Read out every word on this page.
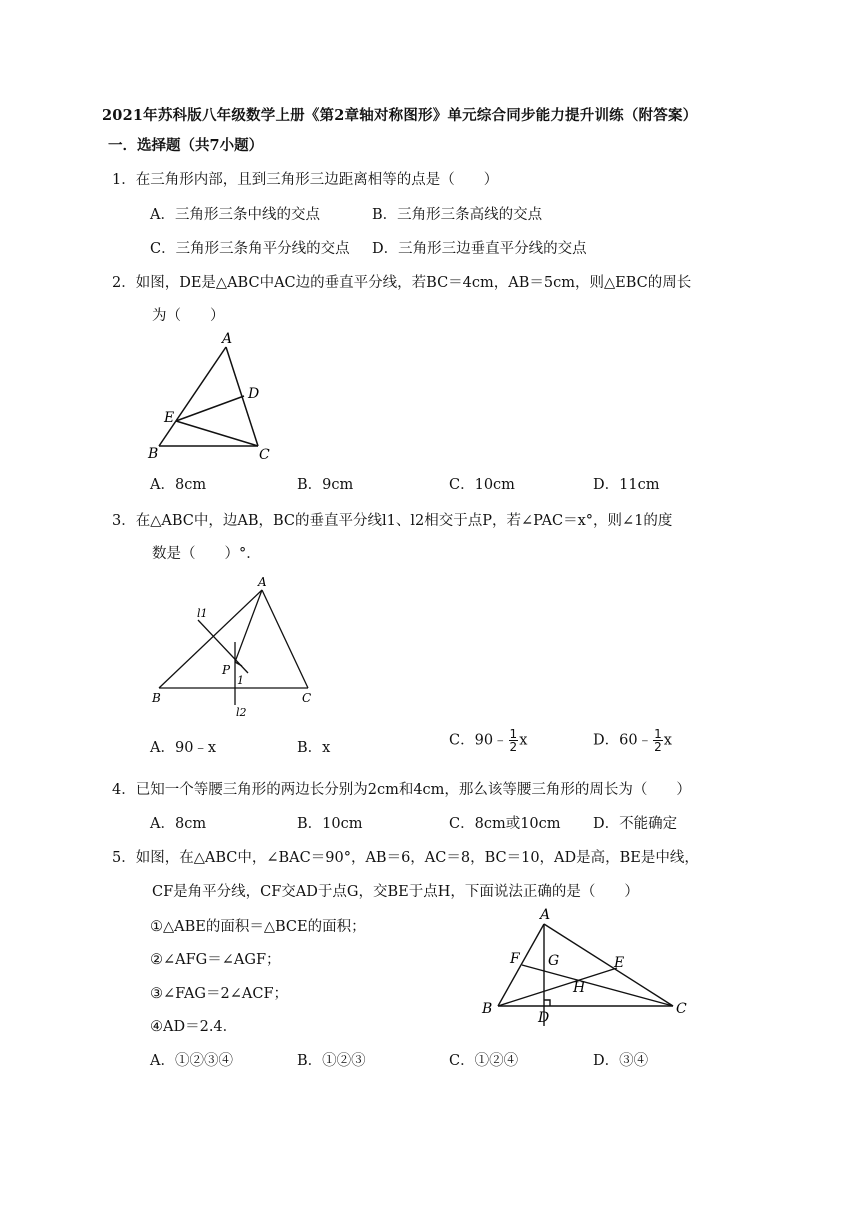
2021年苏科版八年级数学上册《第2章轴对称图形》单元综合同步能力提升训练（附答案）
一．选择题（共7小题）
1．在三角形内部，且到三角形三边距离相等的点是（　　）
A．三角形三条中线的交点	B．三角形三条高线的交点
C．三角形三条角平分线的交点 D．三角形三边垂直平分线的交点
2．如图，DE是△ABC中AC边的垂直平分线，若BC＝4cm，AB＝5cm，则△EBC的周长
为（　　）
A
D
E
B	C
A．8cm	B．9cm	C．10cm	D．11cm
3．在△ABC中，边AB，BC的垂直平分线l1、l2相交于点P，若∠PAC＝x°，则∠1的度
数是（　　）°．
A
l1
P
1
B	C
l2
A．90﹣x	B．x	C．90﹣ $\frac{1}{2}$ x	D．60﹣ $\frac{1}{2}$ x
4．已知一个等腰三角形的两边长分别为2cm和4cm，那么该等腰三角形的周长为（　　）
A．8cm	B．10cm	C．8cm或10cm D．不能确定
5．如图，在△ABC中，∠BAC＝90°，AB＝6，AC＝8，BC＝10，AD是高，BE是中线，
CF是角平分线，CF交AD于点G，交BE于点H，下面说法正确的是（　　）
①△ABE的面积＝△BCE的面积；
②∠AFG＝∠AGF；
③∠FAG＝2∠ACF；
④AD＝2.4．
A
F G	E
H
B	C
D
A．①②③④	B．①②③	C．①②④	D．③④
